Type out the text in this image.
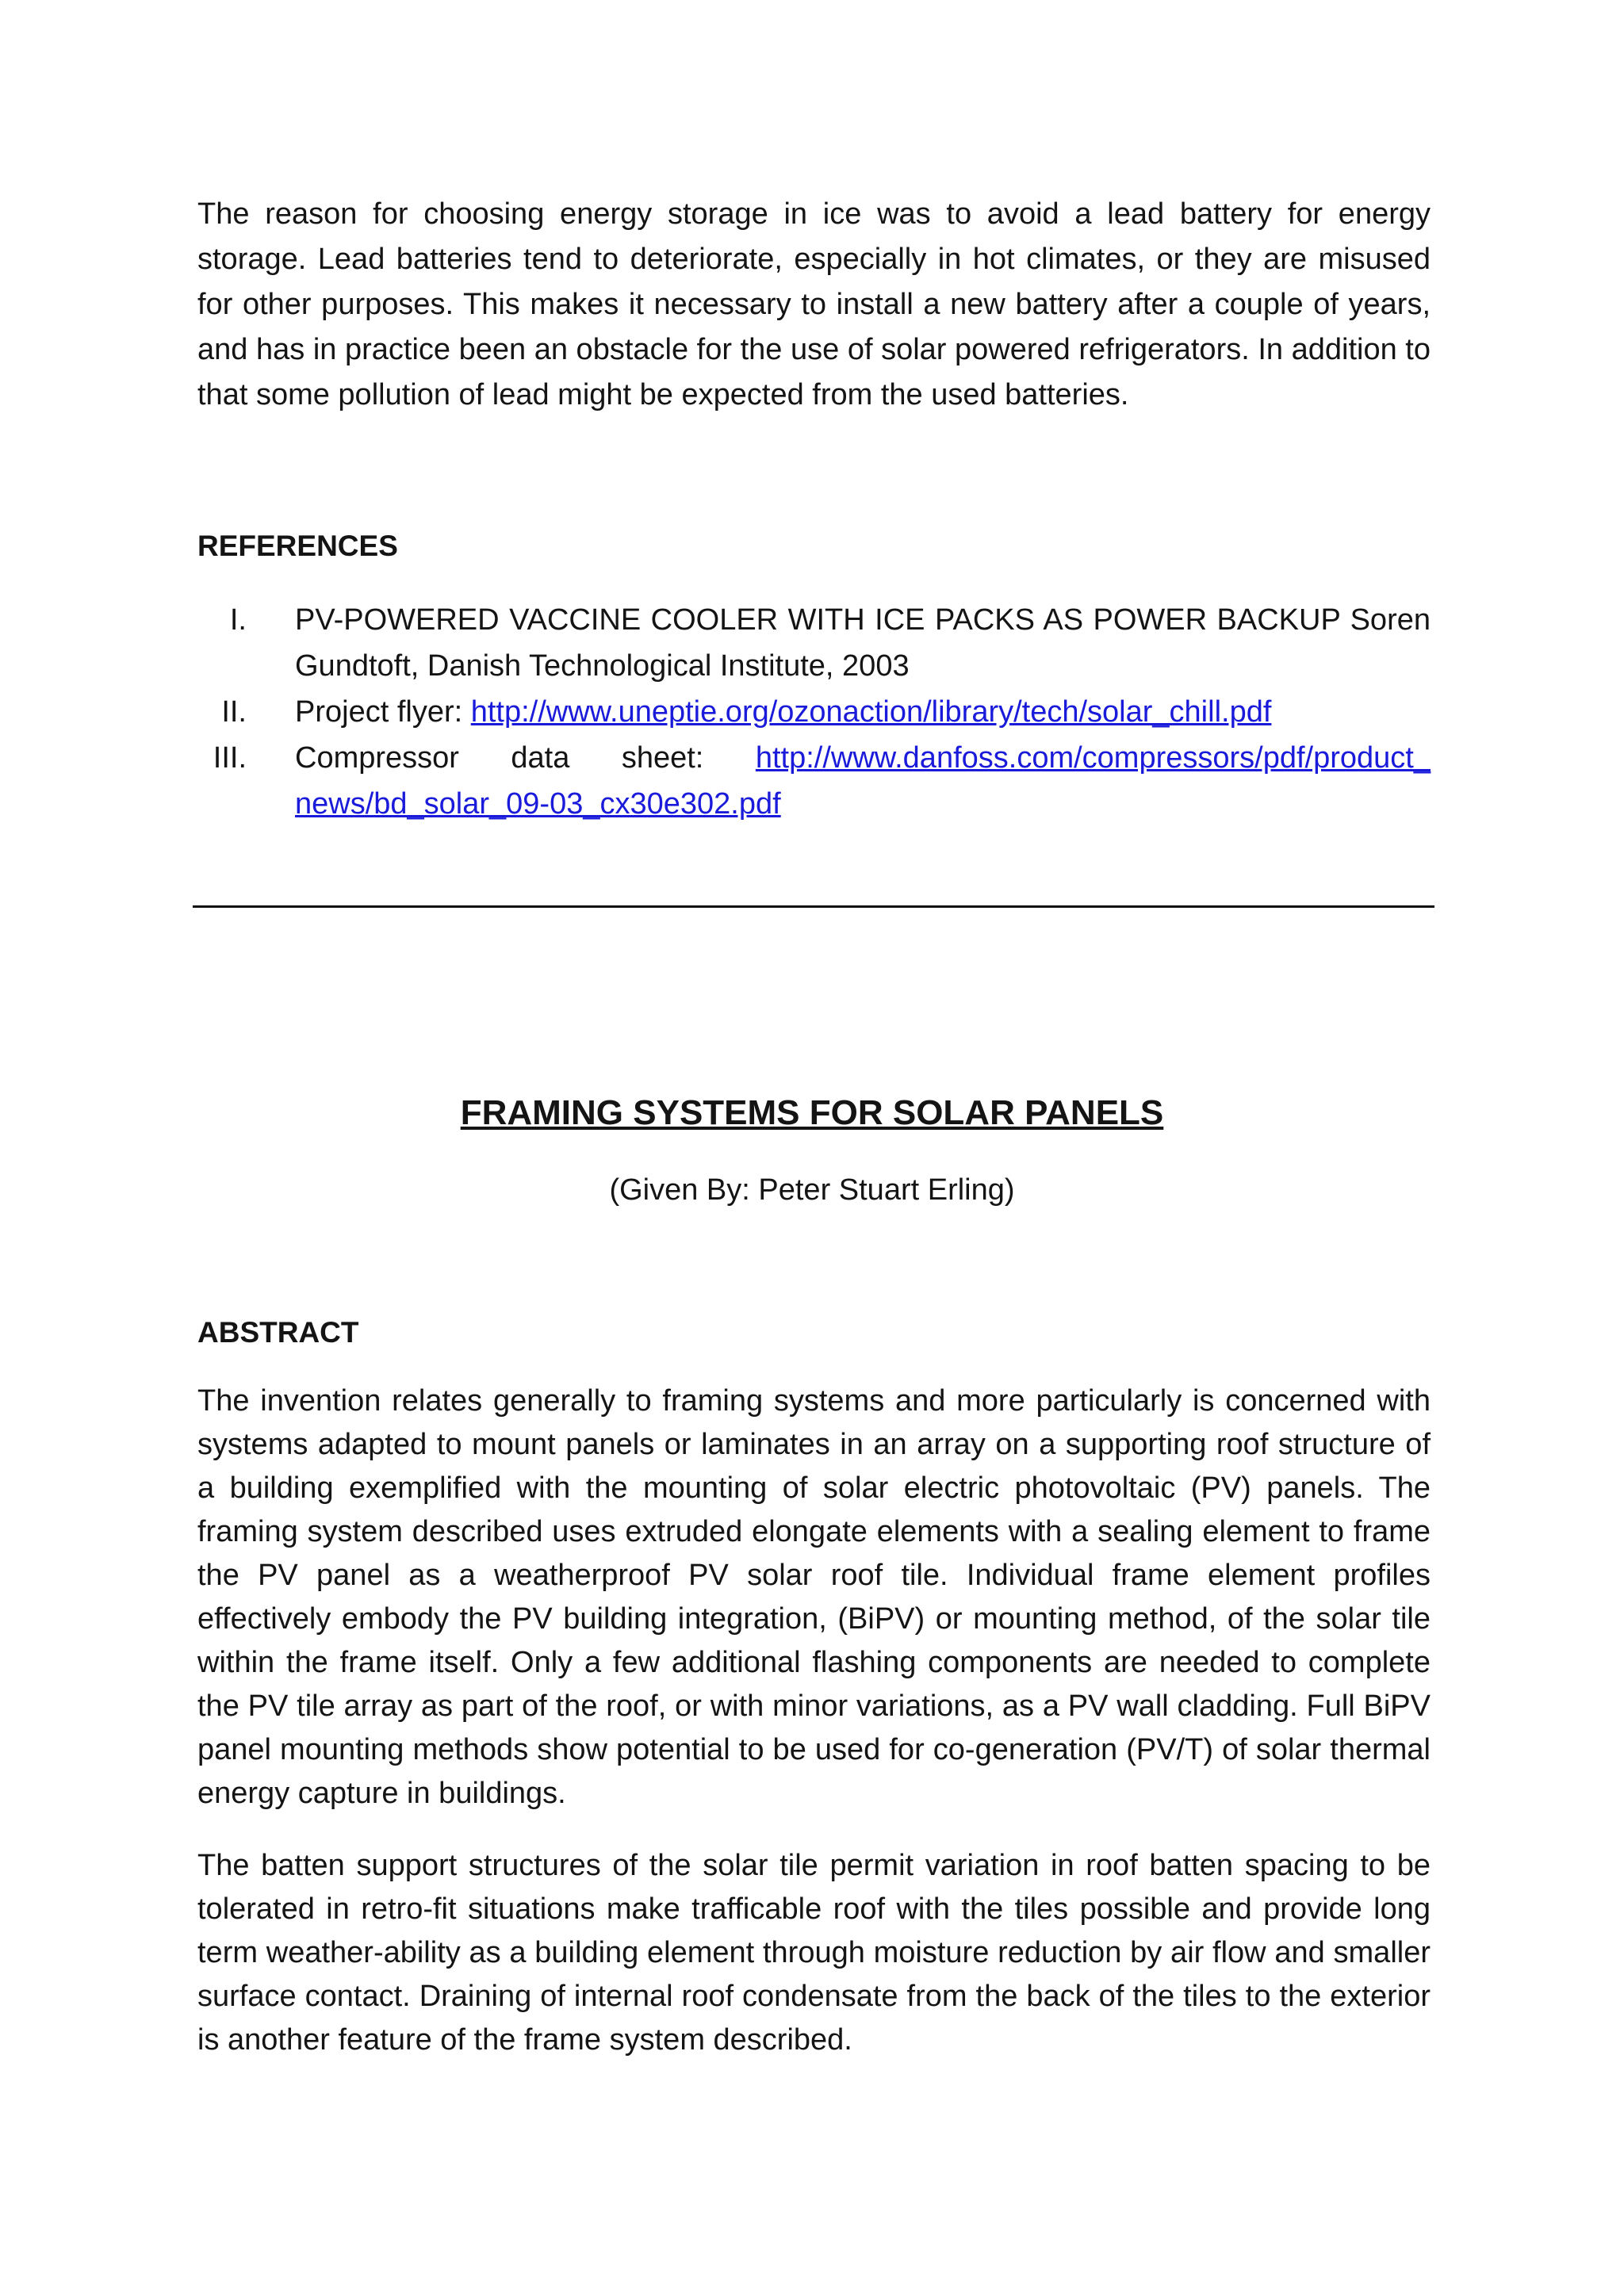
The reason for choosing energy storage in ice was to avoid a lead battery for energy storage. Lead batteries tend to deteriorate, especially in hot climates, or they are misused for other purposes. This makes it necessary to install a new battery after a couple of years, and has in practice been an obstacle for the use of solar powered refrigerators. In addition to that some pollution of lead might be expected from the used batteries.

REFERENCES
I. PV-POWERED VACCINE COOLER WITH ICE PACKS AS POWER BACKUP Soren Gundtoft, Danish Technological Institute, 2003
II. Project flyer: http://www.uneptie.org/ozonaction/library/tech/solar_chill.pdf
III. Compressor data sheet: http://www.danfoss.com/compressors/pdf/product_news/bd_solar_09-03_cx30e302.pdf
FRAMING SYSTEMS FOR SOLAR PANELS

(Given By: Peter Stuart Erling)

ABSTRACT

The invention relates generally to framing systems and more particularly is concerned with systems adapted to mount panels or laminates in an array on a supporting roof structure of a building exemplified with the mounting of solar electric photovoltaic (PV) panels. The framing system described uses extruded elongate elements with a sealing element to frame the PV panel as a weatherproof PV solar roof tile. Individual frame element profiles effectively embody the PV building integration, (BiPV) or mounting method, of the solar tile within the frame itself. Only a few additional flashing components are needed to complete the PV tile array as part of the roof, or with minor variations, as a PV wall cladding. Full BiPV panel mounting methods show potential to be used for co-generation (PV/T) of solar thermal energy capture in buildings.

The batten support structures of the solar tile permit variation in roof batten spacing to be tolerated in retro-fit situations make trafficable roof with the tiles possible and provide long term weather-ability as a building element through moisture reduction by air flow and smaller surface contact. Draining of internal roof condensate from the back of the tiles to the exterior is another feature of the frame system described.
